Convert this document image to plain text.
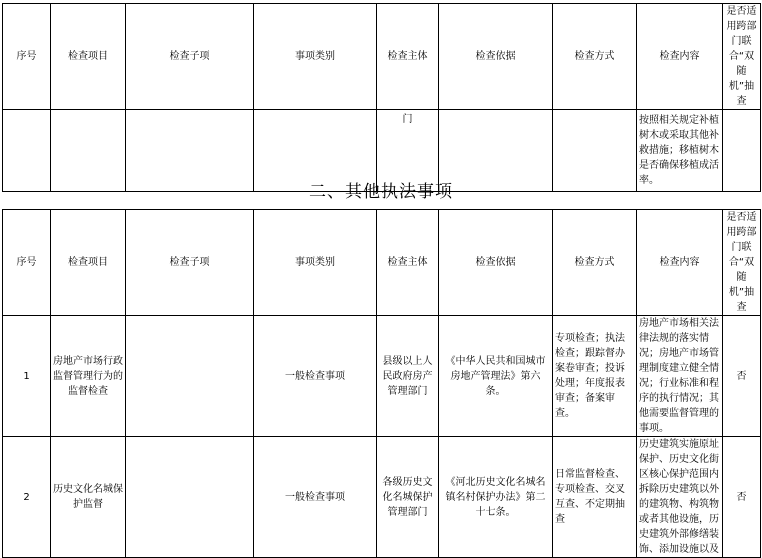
序号	检查项目	检查子项	事项类别	检查主体	检查依据	检查方式	检查内容	是否适用跨部门联合“双随机”抽查
				门			按照相关规定补植树木或采取其他补救措施；移植树木是否确保移植成活率。	
二、其他执法事项
序号	检查项目	检查子项	事项类别	检查主体	检查依据	检查方式	检查内容	是否适用跨部门联合“双随机”抽查
1	房地产市场行政监督管理行为的监督检查		一般检查事项	县级以上人民政府房产管理部门	《中华人民共和国城市房地产管理法》第六条。	专项检查；执法检查；跟踪督办案卷审查；投诉处理；年度报表审查；备案审查。	房地产市场相关法律法规的落实情况；房地产市场管理制度建立健全情况；行业标准和程序的执行情况；其他需要监督管理的事项。	否
2	历史文化名城保护监督		一般检查事项	各级历史文化名城保护管理部门	《河北历史文化名城名镇名村保护办法》第二十七条。	日常监督检查、专项检查、交叉互查、不定期抽查	历史建筑实施原址保护、历史文化街区核心保护范围内拆除历史建筑以外的建筑物、构筑物或者其他设施，历史建筑外部修缮装饰、添加设施以及	否
